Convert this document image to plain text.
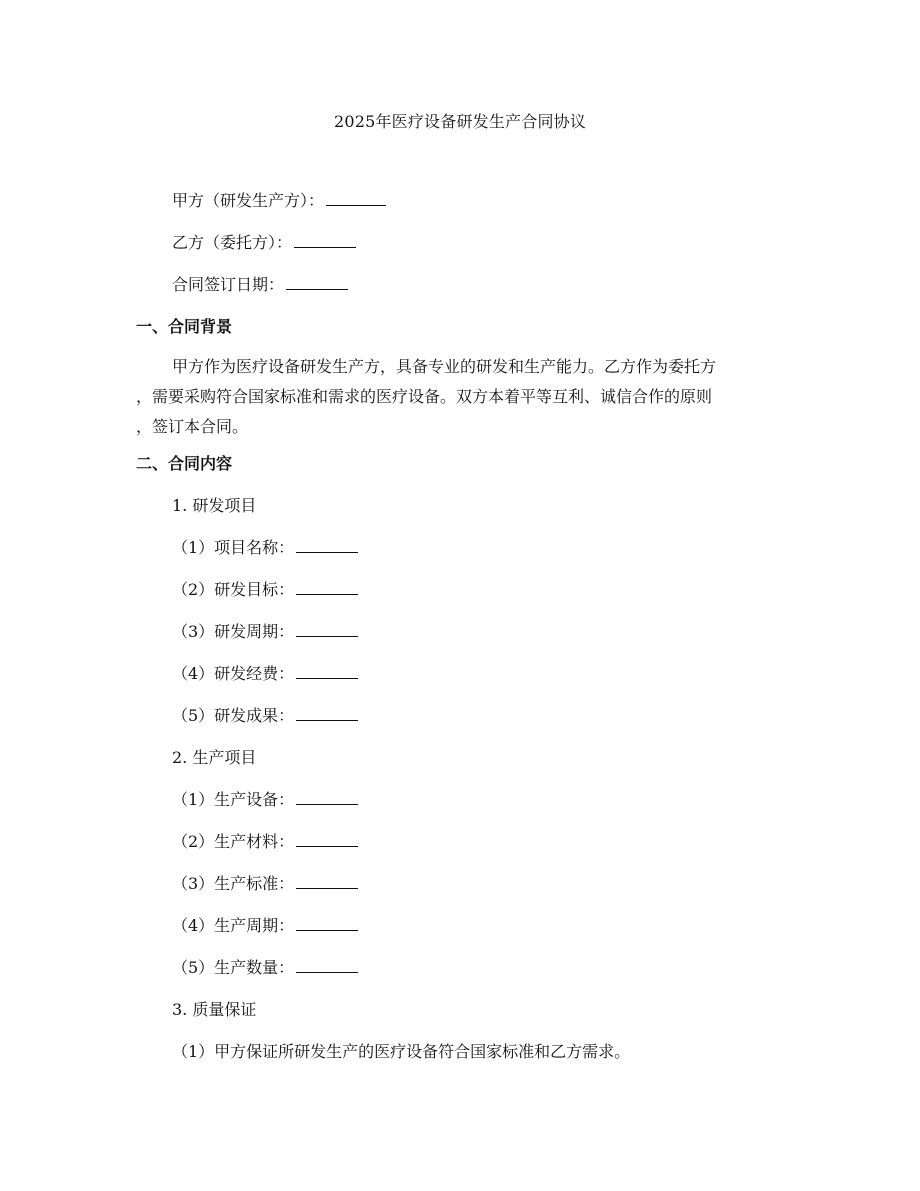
2025年医疗设备研发生产合同协议
甲方（研发生产方）：
乙方（委托方）：
合同签订日期：
一、合同背景
甲方作为医疗设备研发生产方，具备专业的研发和生产能力。乙方作为委托方
，需要采购符合国家标准和需求的医疗设备。双方本着平等互利、诚信合作的原则
，签订本合同。
二、合同内容
1. 研发项目
（1）项目名称：
（2）研发目标：
（3）研发周期：
（4）研发经费：
（5）研发成果：
2. 生产项目
（1）生产设备：
（2）生产材料：
（3）生产标准：
（4）生产周期：
（5）生产数量：
3. 质量保证
（1）甲方保证所研发生产的医疗设备符合国家标准和乙方需求。
